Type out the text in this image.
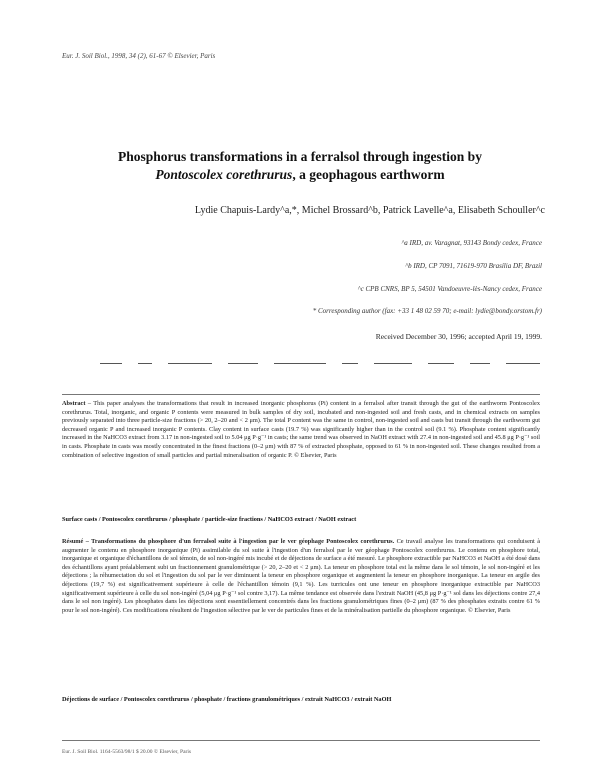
Eur. J. Soil Biol., 1998, 34 (2), 61-67 © Elsevier, Paris
Phosphorus transformations in a ferralsol through ingestion by
Pontoscolex corethrurus, a geophagous earthworm
Lydie Chapuis-Lardy^a,*, Michel Brossard^b, Patrick Lavelle^a, Elisabeth Schouller^c
^a IRD, av. Varagnat, 93143 Bondy cedex, France
^b IRD, CP 7091, 71619-970 Brasília DF, Brazil
^c CPB CNRS, BP 5, 54501 Vandoeuvre-lès-Nancy cedex, France
* Corresponding author (fax: +33 1 48 02 59 70; e-mail: lydie@bondy.orstom.fr)
Received December 30, 1996; accepted April 19, 1999.
Abstract – This paper analyses the transformations that result in increased inorganic phosphorus (Pi) content in a ferralsol after transit through the gut of the earthworm Pontoscolex corethrurus. Total, inorganic, and organic P contents were measured in bulk samples of dry soil, incubated and non-ingested soil and fresh casts, and in chemical extracts on samples previously separated into three particle-size fractions (> 20, 2–20 and < 2 μm). The total P content was the same in control, non-ingested soil and casts but transit through the earthworm gut decreased organic P and increased inorganic P contents. Clay content in surface casts (19.7 %) was significantly higher than in the control soil (9.1 %). Phosphate content significantly increased in the NaHCO3 extract from 3.17 in non-ingested soil to 5.04 μg P·g⁻¹ in casts; the same trend was observed in NaOH extract with 27.4 in non-ingested soil and 45.8 μg P·g⁻¹ soil in casts. Phosphate in casts was mostly concentrated in the finest fractions (0–2 μm) with 87 % of extracted phosphate, opposed to 61 % in non-ingested soil. These changes resulted from a combination of selective ingestion of small particles and partial mineralisation of organic P. © Elsevier, Paris
Surface casts / Pontoscolex corethrurus / phosphate / particle-size fractions / NaHCO3 extract / NaOH extract
Résumé – Transformations du phosphore d'un ferralsol suite à l'ingestion par le ver géophage Pontoscolex corethrurus. Ce travail analyse les transformations qui conduisent à augmenter le contenu en phosphore inorganique (Pi) assimilable du sol suite à l'ingestion d'un ferralsol par le ver géophage Pontoscolex corethrurus. Le contenu en phosphore total, inorganique et organique d'échantillons de sol témoin, de sol non-ingéré mis incubé et de déjections de surface a été mesuré. Le phosphore extractible par NaHCO3 et NaOH a été dosé dans des échantillons ayant préalablement subi un fractionnement granulométrique (> 20, 2–20 et < 2 μm). La teneur en phosphore total est la même dans le sol témoin, le sol non-ingéré et les déjections ; la réhumectation du sol et l'ingestion du sol par le ver diminuent la teneur en phosphore organique et augmentent la teneur en phosphore inorganique. La teneur en argile des déjections (19,7 %) est significativement supérieure à celle de l'échantillon témoin (9,1 %). Les turricules ont une teneur en phosphore inorganique extractible par NaHCO3 significativement supérieure à celle du sol non-ingéré (5,04 μg P·g⁻¹ sol contre 3,17). La même tendance est observée dans l'extrait NaOH (45,8 μg P·g⁻¹ sol dans les déjections contre 27,4 dans le sol non ingéré). Les phosphates dans les déjections sont essentiellement concentrés dans les fractions granulométriques fines (0–2 μm) (87 % des phosphates extraits contre 61 % pour le sol non-ingéré). Ces modifications résultent de l'ingestion sélective par le ver de particules fines et de la minéralisation partielle du phosphore organique. © Elsevier, Paris
Déjections de surface / Pontoscolex corethrurus / phosphate / fractions granulométriques / extrait NaHCO3 / extrait NaOH
Eur. J. Soil Biol. 1164-5563/98/1 $ 20.00 © Elsevier, Paris
